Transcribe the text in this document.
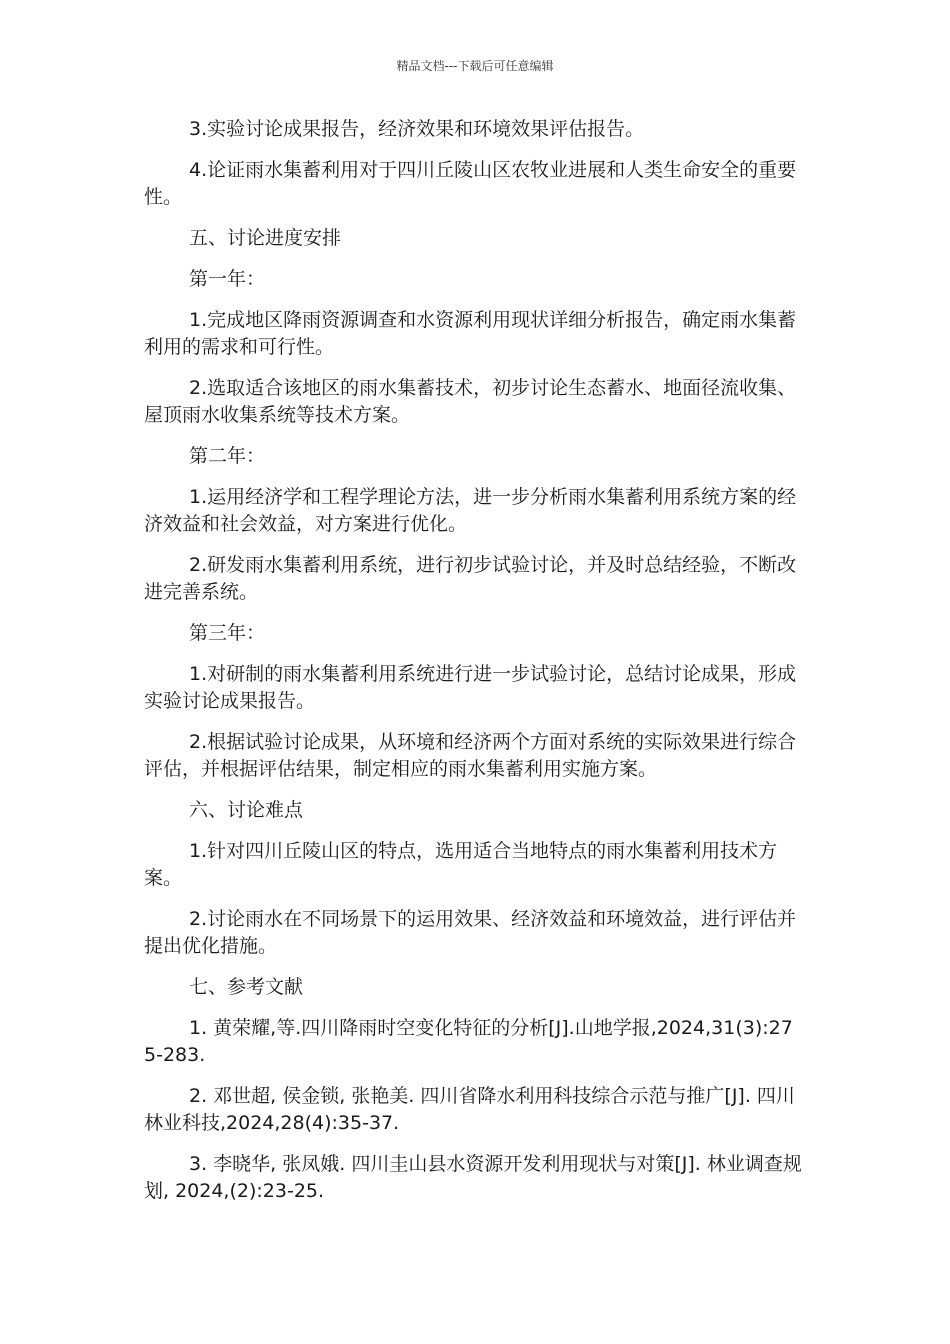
精品文档---下载后可任意编辑

3.实验讨论成果报告，经济效果和环境效果评估报告。

4.论证雨水集蓄利用对于四川丘陵山区农牧业进展和人类生命安全的重要性。

五、讨论进度安排

第一年：

1.完成地区降雨资源调查和水资源利用现状详细分析报告，确定雨水集蓄利用的需求和可行性。

2.选取适合该地区的雨水集蓄技术，初步讨论生态蓄水、地面径流收集、屋顶雨水收集系统等技术方案。

第二年：

1.运用经济学和工程学理论方法，进一步分析雨水集蓄利用系统方案的经济效益和社会效益，对方案进行优化。

2.研发雨水集蓄利用系统，进行初步试验讨论，并及时总结经验，不断改进完善系统。

第三年：

1.对研制的雨水集蓄利用系统进行进一步试验讨论，总结讨论成果，形成实验讨论成果报告。

2.根据试验讨论成果，从环境和经济两个方面对系统的实际效果进行综合评估，并根据评估结果，制定相应的雨水集蓄利用实施方案。

六、讨论难点

1.针对四川丘陵山区的特点，选用适合当地特点的雨水集蓄利用技术方案。

2.讨论雨水在不同场景下的运用效果、经济效益和环境效益，进行评估并提出优化措施。

七、参考文献

1. 黄荣耀,等.四川降雨时空变化特征的分析[J].山地学报,2024,31(3):275-283.

2. 邓世超, 侯金锁, 张艳美. 四川省降水利用科技综合示范与推广[J]. 四川林业科技,2024,28(4):35-37.

3. 李晓华, 张凤娥. 四川圭山县水资源开发利用现状与对策[J]. 林业调查规划, 2024,(2):23-25.
